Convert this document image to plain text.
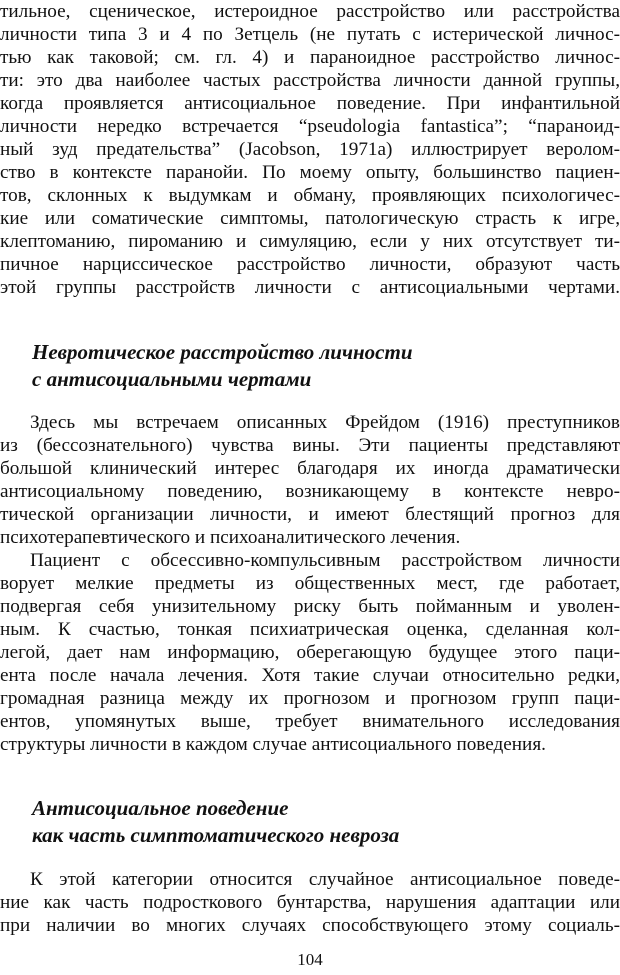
тильное, сценическое, истероидное расстройство или расстройства
личности типа 3 и 4 по Зетцель (не путать с истерической личнос-
тью как таковой; см. гл. 4) и параноидное расстройство личнос-
ти: это два наиболее частых расстройства личности данной группы,
когда проявляется антисоциальное поведение. При инфантильной
личности нередко встречается “pseudologia fantastica”; “параноид-
ный зуд предательства” (Jacobson, 1971a) иллюстрирует веролом-
ство в контексте паранойи. По моему опыту, большинство пациен-
тов, склонных к выдумкам и обману, проявляющих психологичес-
кие или соматические симптомы, патологическую страсть к игре,
клептоманию, пироманию и симуляцию, если у них отсутствует ти-
пичное нарциссическое расстройство личности, образуют часть
этой группы расстройств личности с антисоциальными чертами.
Невротическое расстройство личности
с антисоциальными чертами
Здесь мы встречаем описанных Фрейдом (1916) преступников
из (бессознательного) чувства вины. Эти пациенты представляют
большой клинический интерес благодаря их иногда драматически
антисоциальному поведению, возникающему в контексте невро-
тической организации личности, и имеют блестящий прогноз для
психотерапевтического и психоаналитического лечения.
Пациент с обсессивно-компульсивным расстройством личности
ворует мелкие предметы из общественных мест, где работает,
подвергая себя унизительному риску быть пойманным и уволен-
ным. К счастью, тонкая психиатрическая оценка, сделанная кол-
легой, дает нам информацию, оберегающую будущее этого паци-
ента после начала лечения. Хотя такие случаи относительно редки,
громадная разница между их прогнозом и прогнозом групп паци-
ентов, упомянутых выше, требует внимательного исследования
структуры личности в каждом случае антисоциального поведения.
Антисоциальное поведение
как часть симптоматического невроза
К этой категории относится случайное антисоциальное поведе-
ние как часть подросткового бунтарства, нарушения адаптации или
при наличии во многих случаях способствующего этому социаль-
104
